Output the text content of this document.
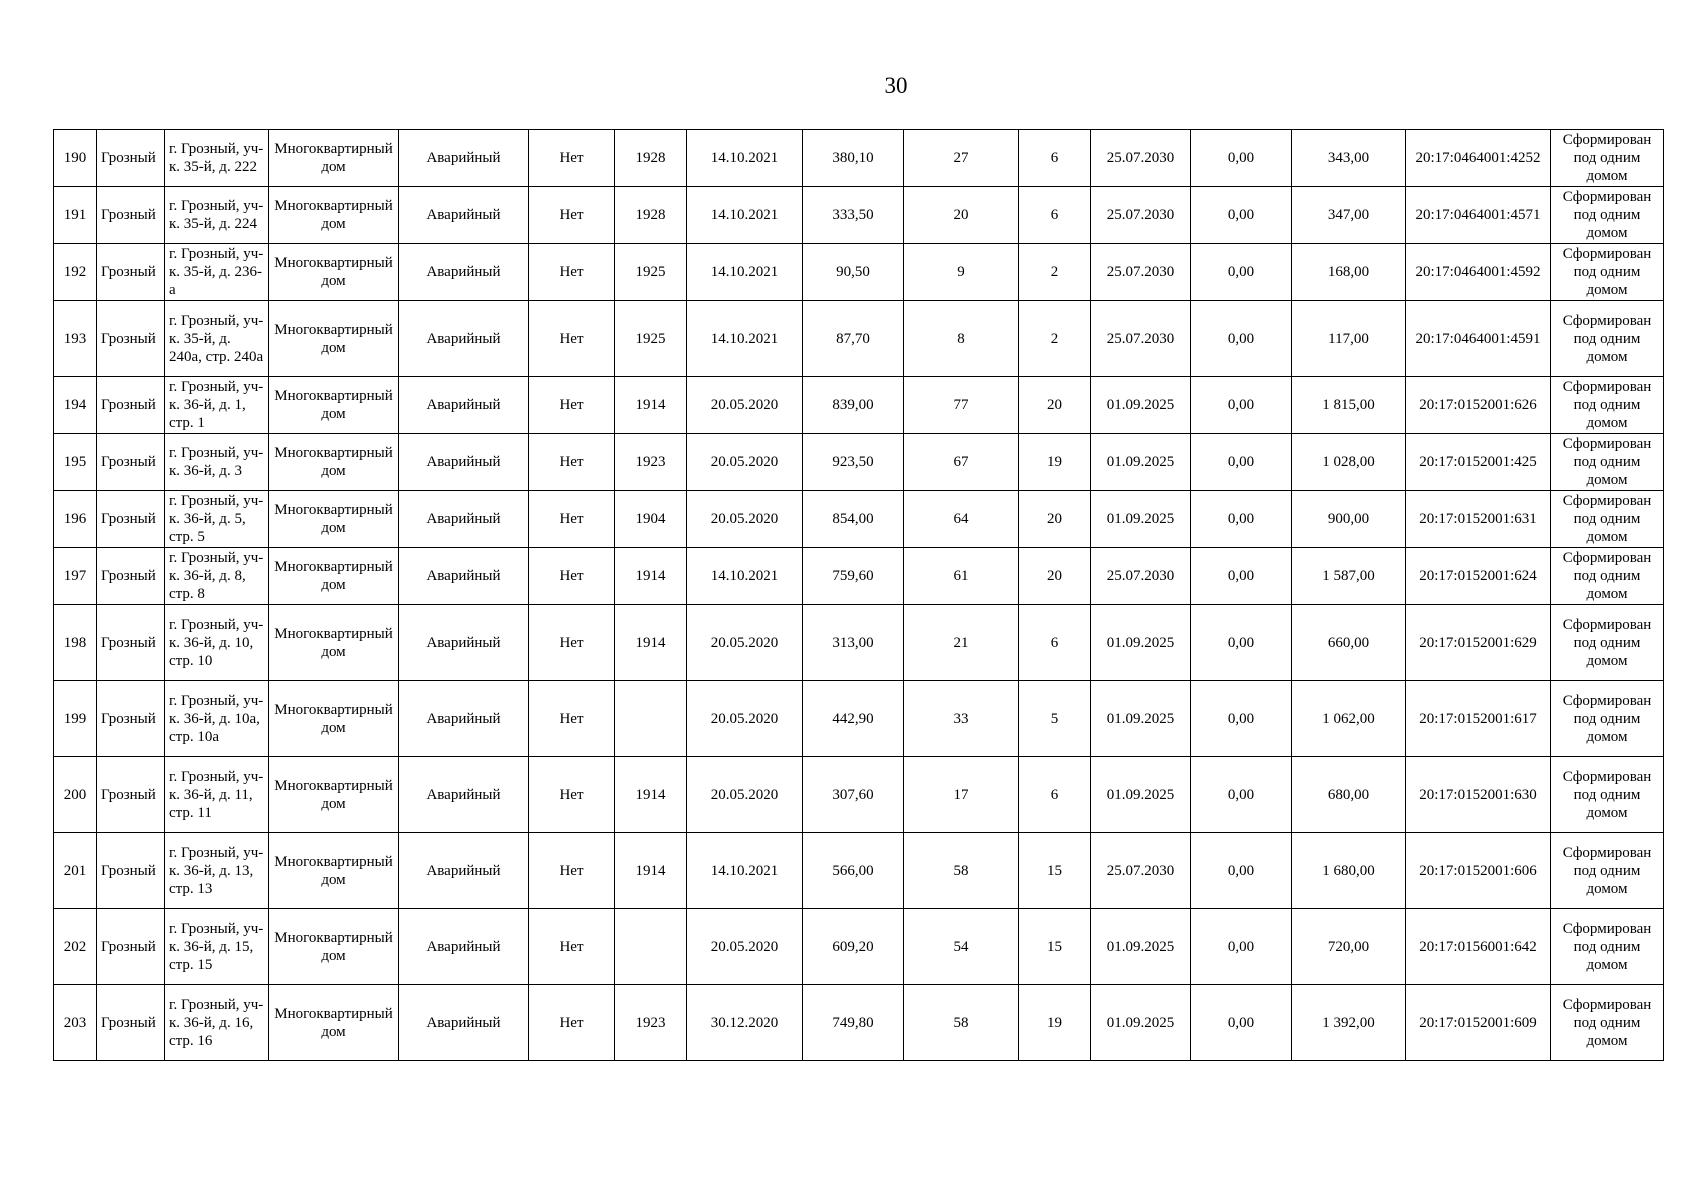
30
190	Грозный	г. Грозный, уч-к. 35-й, д. 222	Многоквартирный дом	Аварийный	Нет	1928	14.10.2021	380,10	27	6	25.07.2030	0,00	343,00	20:17:0464001:4252	Сформирован под одним домом
191	Грозный	г. Грозный, уч-к. 35-й, д. 224	Многоквартирный дом	Аварийный	Нет	1928	14.10.2021	333,50	20	6	25.07.2030	0,00	347,00	20:17:0464001:4571	Сформирован под одним домом
192	Грозный	г. Грозный, уч-к. 35-й, д. 236-а	Многоквартирный дом	Аварийный	Нет	1925	14.10.2021	90,50	9	2	25.07.2030	0,00	168,00	20:17:0464001:4592	Сформирован под одним домом
193	Грозный	г. Грозный, уч-к. 35-й, д. 240а, стр. 240а	Многоквартирный дом	Аварийный	Нет	1925	14.10.2021	87,70	8	2	25.07.2030	0,00	117,00	20:17:0464001:4591	Сформирован под одним домом
194	Грозный	г. Грозный, уч-к. 36-й, д. 1, стр. 1	Многоквартирный дом	Аварийный	Нет	1914	20.05.2020	839,00	77	20	01.09.2025	0,00	1 815,00	20:17:0152001:626	Сформирован под одним домом
195	Грозный	г. Грозный, уч-к. 36-й, д. 3	Многоквартирный дом	Аварийный	Нет	1923	20.05.2020	923,50	67	19	01.09.2025	0,00	1 028,00	20:17:0152001:425	Сформирован под одним домом
196	Грозный	г. Грозный, уч-к. 36-й, д. 5, стр. 5	Многоквартирный дом	Аварийный	Нет	1904	20.05.2020	854,00	64	20	01.09.2025	0,00	900,00	20:17:0152001:631	Сформирован под одним домом
197	Грозный	г. Грозный, уч-к. 36-й, д. 8, стр. 8	Многоквартирный дом	Аварийный	Нет	1914	14.10.2021	759,60	61	20	25.07.2030	0,00	1 587,00	20:17:0152001:624	Сформирован под одним домом
198	Грозный	г. Грозный, уч-к. 36-й, д. 10, стр. 10	Многоквартирный дом	Аварийный	Нет	1914	20.05.2020	313,00	21	6	01.09.2025	0,00	660,00	20:17:0152001:629	Сформирован под одним домом
199	Грозный	г. Грозный, уч-к. 36-й, д. 10а, стр. 10а	Многоквартирный дом	Аварийный	Нет		20.05.2020	442,90	33	5	01.09.2025	0,00	1 062,00	20:17:0152001:617	Сформирован под одним домом
200	Грозный	г. Грозный, уч-к. 36-й, д. 11, стр. 11	Многоквартирный дом	Аварийный	Нет	1914	20.05.2020	307,60	17	6	01.09.2025	0,00	680,00	20:17:0152001:630	Сформирован под одним домом
201	Грозный	г. Грозный, уч-к. 36-й, д. 13, стр. 13	Многоквартирный дом	Аварийный	Нет	1914	14.10.2021	566,00	58	15	25.07.2030	0,00	1 680,00	20:17:0152001:606	Сформирован под одним домом
202	Грозный	г. Грозный, уч-к. 36-й, д. 15, стр. 15	Многоквартирный дом	Аварийный	Нет		20.05.2020	609,20	54	15	01.09.2025	0,00	720,00	20:17:0156001:642	Сформирован под одним домом
203	Грозный	г. Грозный, уч-к. 36-й, д. 16, стр. 16	Многоквартирный дом	Аварийный	Нет	1923	30.12.2020	749,80	58	19	01.09.2025	0,00	1 392,00	20:17:0152001:609	Сформирован под одним домом
